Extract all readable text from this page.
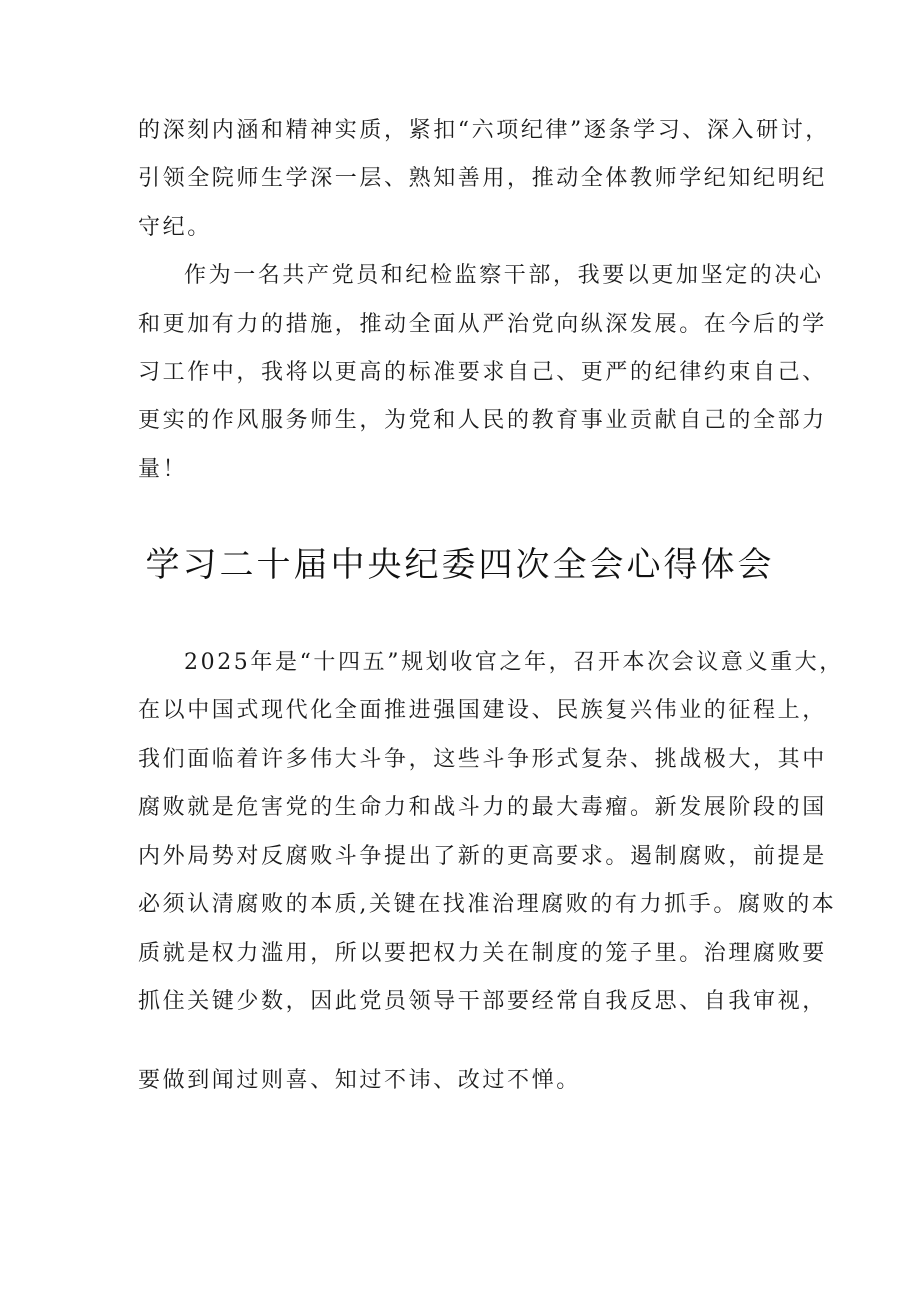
的深刻内涵和精神实质，紧扣“六项纪律”逐条学习、深入研讨，
引领全院师生学深一层、熟知善用，推动全体教师学纪知纪明纪
守纪。
作为一名共产党员和纪检监察干部，我要以更加坚定的决心
和更加有力的措施，推动全面从严治党向纵深发展。在今后的学
习工作中，我将以更高的标准要求自己、更严的纪律约束自己、
更实的作风服务师生，为党和人民的教育事业贡献自己的全部力
量！
学习二十届中央纪委四次全会心得体会
2025年是“十四五”规划收官之年，召开本次会议意义重大，
在以中国式现代化全面推进强国建设、民族复兴伟业的征程上，
我们面临着许多伟大斗争，这些斗争形式复杂、挑战极大，其中
腐败就是危害党的生命力和战斗力的最大毒瘤。新发展阶段的国
内外局势对反腐败斗争提出了新的更高要求。遏制腐败，前提是
必须认清腐败的本质,关键在找准治理腐败的有力抓手。腐败的本
质就是权力滥用，所以要把权力关在制度的笼子里。治理腐败要
抓住关键少数，因此党员领导干部要经常自我反思、自我审视，
要做到闻过则喜、知过不讳、改过不惮。
